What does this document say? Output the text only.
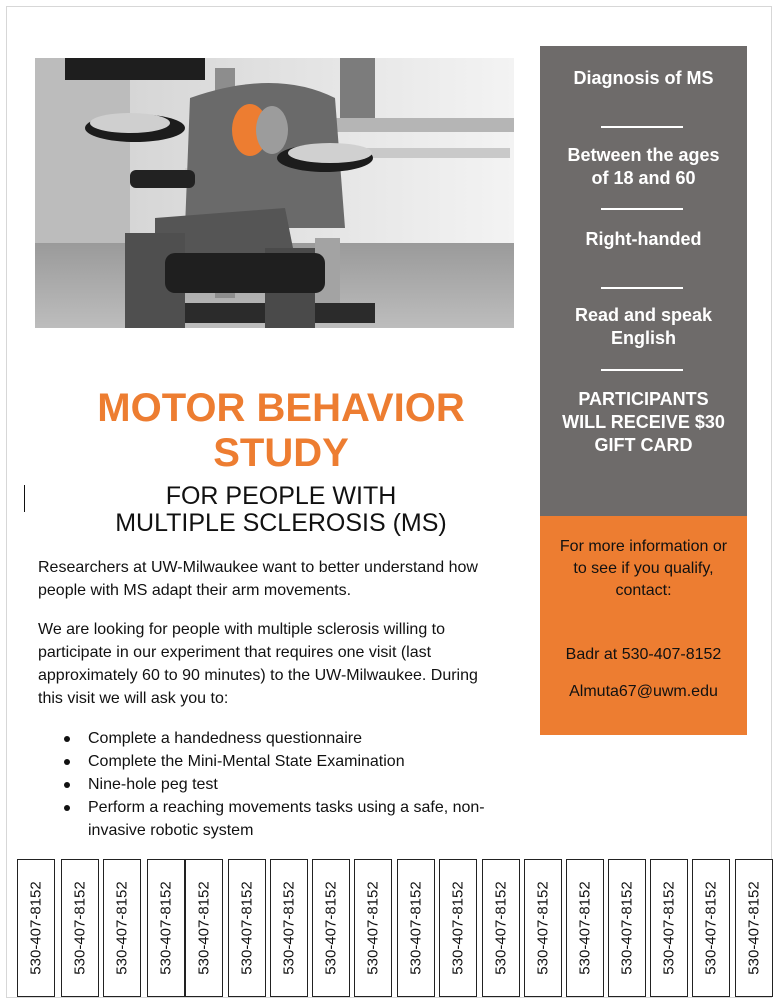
Diagnosis of MS
Between the ages
of 18 and 60
Right-handed
Read and speak
English
PARTICIPANTS
WILL RECEIVE $30
GIFT CARD
For more information or
to see if you qualify,
contact:
Badr at 530-407-8152
Almuta67@uwm.edu
MOTOR BEHAVIOR
STUDY
FOR PEOPLE WITH
MULTIPLE SCLEROSIS (MS)
Researchers at UW-Milwaukee want to better understand how
people with MS adapt their arm movements.
We are looking for people with multiple sclerosis willing to
participate in our experiment that requires one visit (last
approximately 60 to 90 minutes) to the UW-Milwaukee. During
this visit we will ask you to:
Complete a handedness questionnaire
Complete the Mini-Mental State Examination
Nine-hole peg test
Perform a reaching movements tasks using a safe, non-
invasive robotic system
530-407-8152 530-407-8152 530-407-8152 530-407-8152 530-407-8152 530-407-8152 530-407-8152 530-407-8152 530-407-8152 530-407-8152 530-407-8152 530-407-8152 530-407-8152 530-407-8152 530-407-8152 530-407-8152 530-407-8152 530-407-8152
